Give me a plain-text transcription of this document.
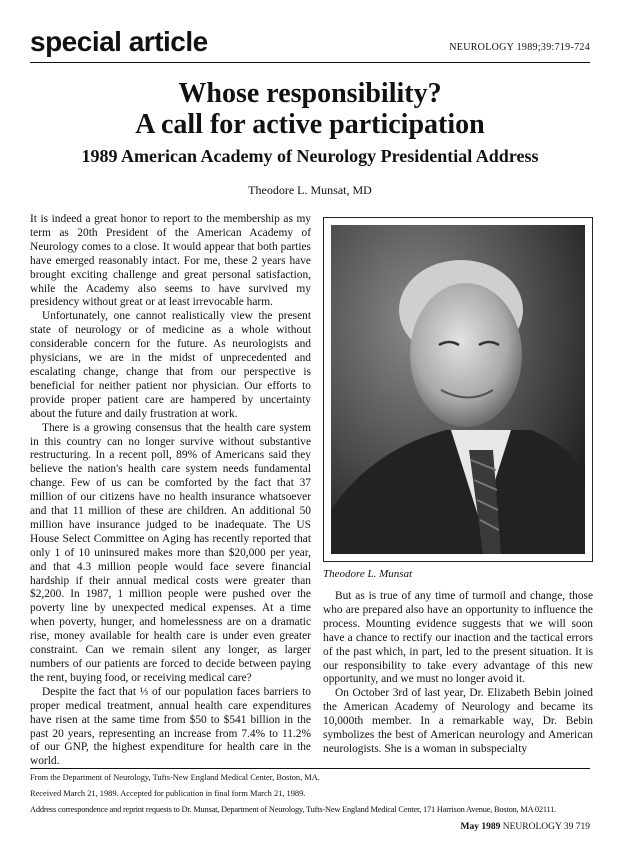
special article	NEUROLOGY 1989;39:719-724
Whose responsibility?
A call for active participation
1989 American Academy of Neurology Presidential Address
Theodore L. Munsat, MD

It is indeed a great honor to report to the membership as my term as 20th President of the American Academy of Neurology comes to a close. It would appear that both parties have emerged reasonably intact. For me, these 2 years have brought exciting challenge and great personal satisfaction, while the Academy also seems to have survived my presidency without great or at least irrevocable harm.

Unfortunately, one cannot realistically view the present state of neurology or of medicine as a whole without considerable concern for the future. As neurologists and physicians, we are in the midst of unprecedented and escalating change, change that from our perspective is beneficial for neither patient nor physician. Our efforts to provide proper patient care are hampered by uncertainty about the future and daily frustration at work.

There is a growing consensus that the health care system in this country can no longer survive without substantive restructuring. In a recent poll, 89% of Americans said they believe the nation's health care system needs fundamental change. Few of us can be comforted by the fact that 37 million of our citizens have no health insurance whatsoever and that 11 million of these are children. An additional 50 million have insurance judged to be inadequate. The US House Select Committee on Aging has recently reported that only 1 of 10 uninsured makes more than $20,000 per year, and that 4.3 million people would face severe financial hardship if their annual medical costs were greater than $2,200. In 1987, 1 million people were pushed over the poverty line by unexpected medical expenses. At a time when poverty, hunger, and homelessness are on a dramatic rise, money available for health care is under even greater constraint. Can we remain silent any longer, as larger numbers of our patients are forced to decide between paying the rent, buying food, or receiving medical care?

Despite the fact that ⅓ of our population faces barriers to proper medical treatment, annual health care expenditures have risen at the same time from $50 to $541 billion in the past 20 years, representing an increase from 7.4% to 11.2% of our GNP, the highest expenditure for health care in the world.

Theodore L. Munsat

But as is true of any time of turmoil and change, those who are prepared also have an opportunity to influence the process. Mounting evidence suggests that we will soon have a chance to rectify our inaction and the tactical errors of the past which, in part, led to the present situation. It is our responsibility to take every advantage of this new opportunity, and we must no longer avoid it.

On October 3rd of last year, Dr. Elizabeth Bebin joined the American Academy of Neurology and became its 10,000th member. In a remarkable way, Dr. Bebin symbolizes the best of American neurology and American neurologists. She is a woman in subspecialty

From the Department of Neurology, Tufts-New England Medical Center, Boston, MA.
Received March 21, 1989. Accepted for publication in final form March 21, 1989.
Address correspondence and reprint requests to Dr. Munsat, Department of Neurology, Tufts-New England Medical Center, 171 Harrison Avenue, Boston, MA 02111.
May 1989 NEUROLOGY 39 719
